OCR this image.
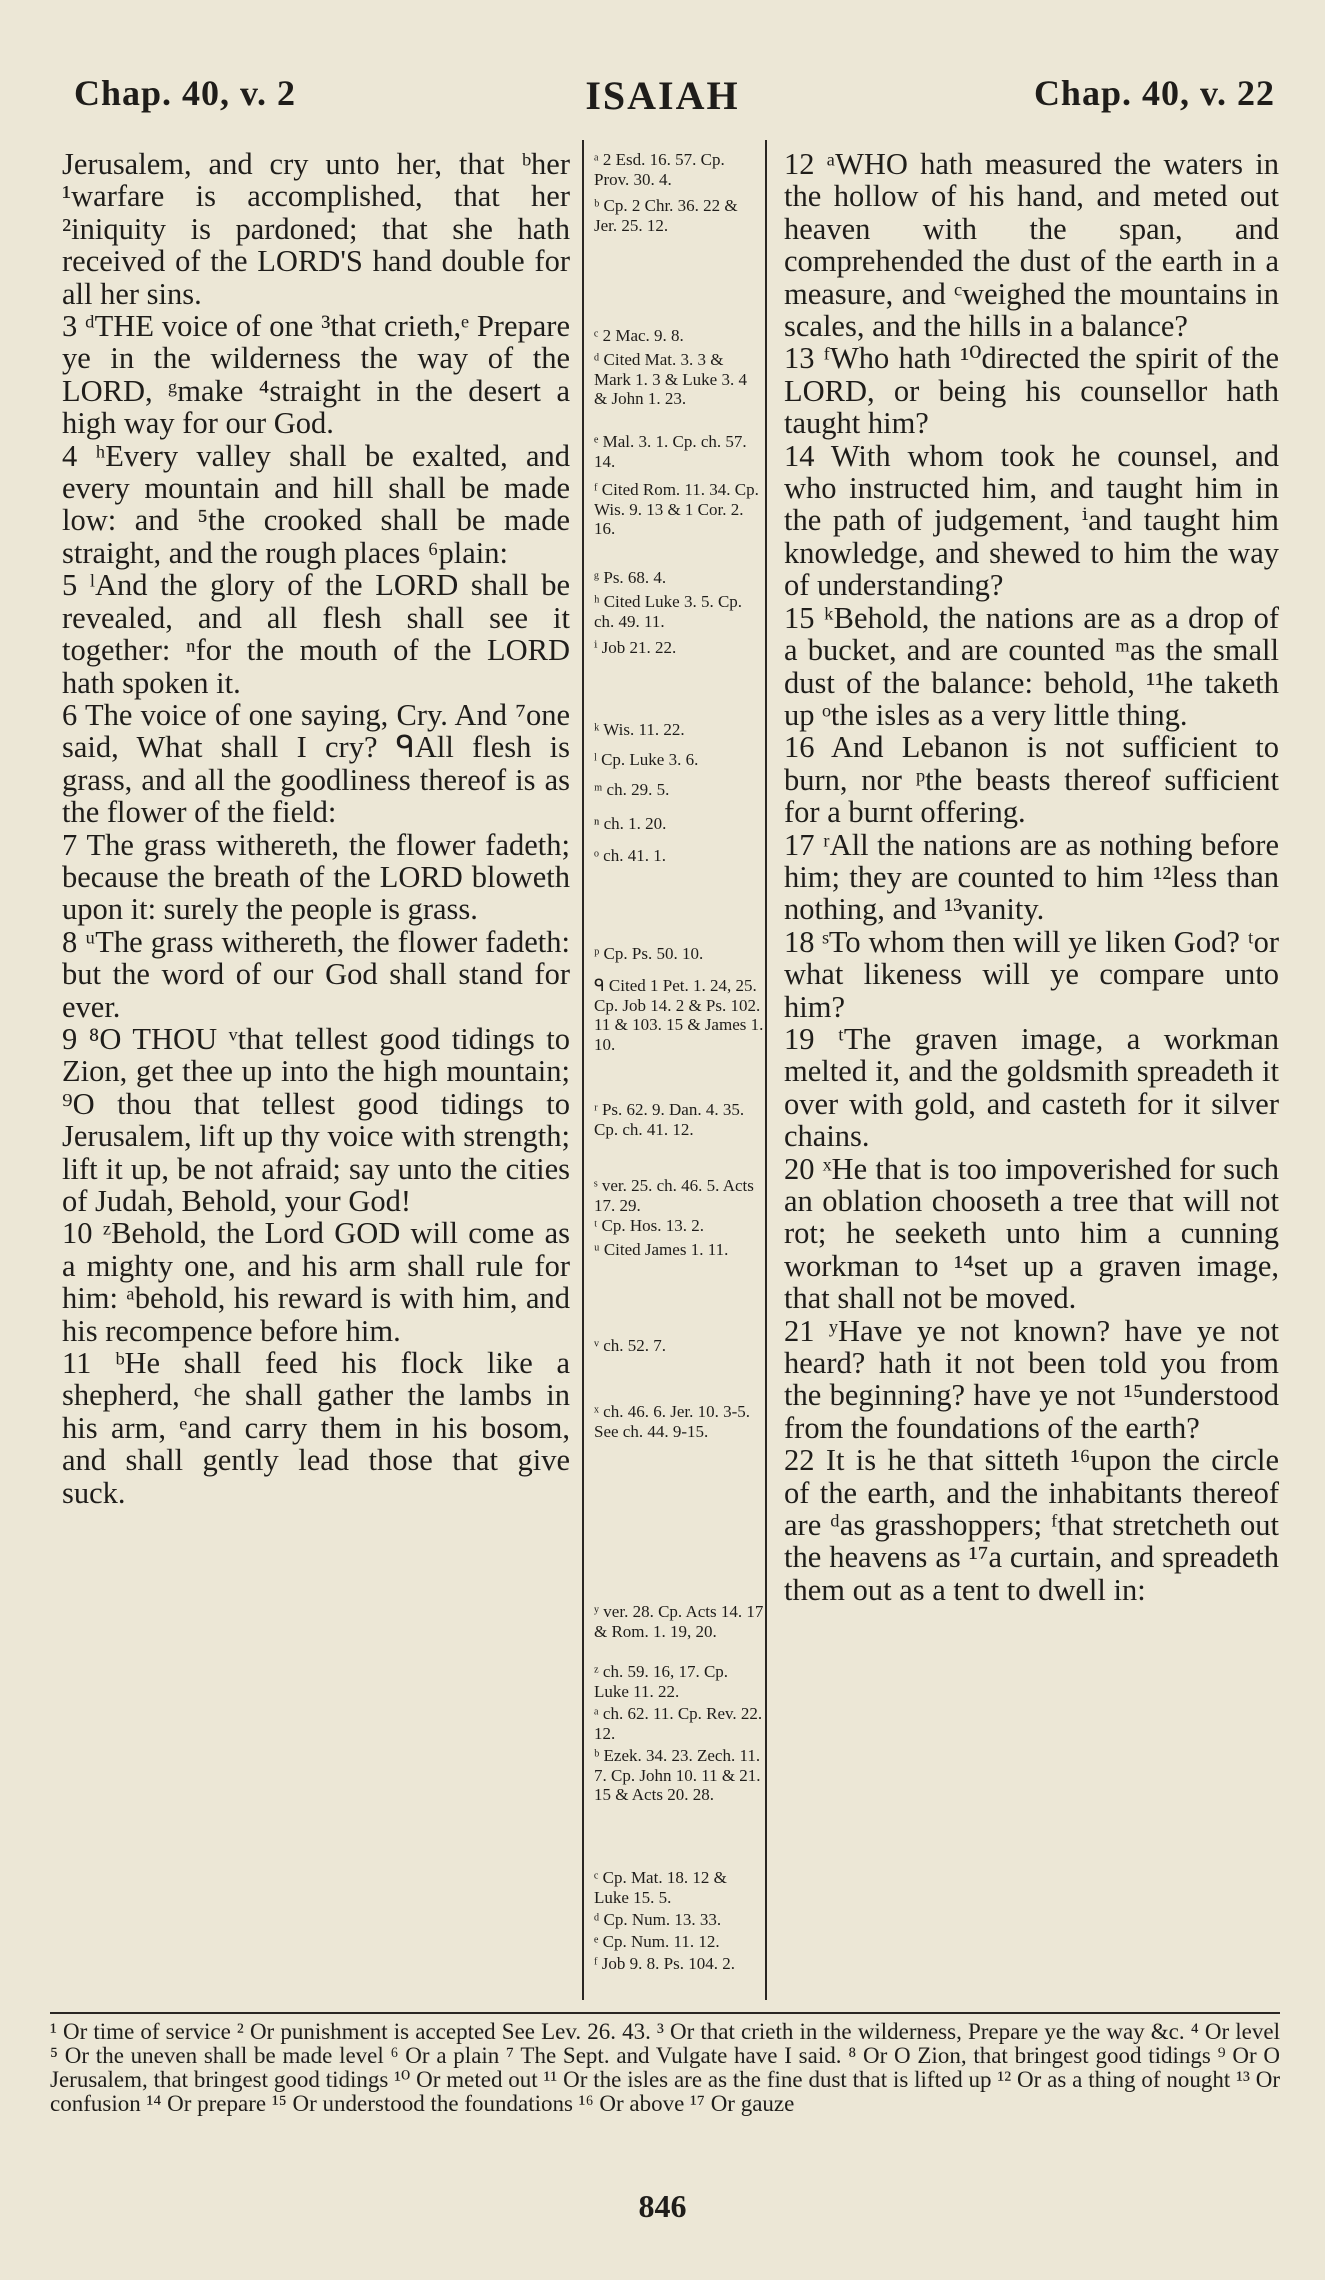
Chap. 40, v. 2	ISAIAH	Chap. 40, v. 22

Jerusalem, and cry unto her, that ᵇher ¹warfare is accomplished, that her ²iniquity is pardoned; that she hath received of the LORD'S hand double for all her sins.

3 ᵈTHE voice of one ³that crieth,ᵉ Prepare ye in the wilderness the way of the LORD, ᵍmake ⁴straight in the desert a high way for our God.

4 ʰEvery valley shall be exalted, and every mountain and hill shall be made low: and ⁵the crooked shall be made straight, and the rough places ⁶plain:

5 ˡAnd the glory of the LORD shall be revealed, and all flesh shall see it together: ⁿfor the mouth of the LORD hath spoken it.

6 The voice of one saying, Cry. And ⁷one said, What shall I cry? ᑫAll flesh is grass, and all the goodliness thereof is as the flower of the field:

7 The grass withereth, the flower fadeth; because the breath of the LORD bloweth upon it: surely the people is grass.

8 ᵘThe grass withereth, the flower fadeth: but the word of our God shall stand for ever.

9 ⁸O THOU ᵛthat tellest good tidings to Zion, get thee up into the high mountain; ⁹O thou that tellest good tidings to Jerusalem, lift up thy voice with strength; lift it up, be not afraid; say unto the cities of Judah, Behold, your God!

10 ᶻBehold, the Lord GOD will come as a mighty one, and his arm shall rule for him: ᵃbehold, his reward is with him, and his recompence before him.

11 ᵇHe shall feed his flock like a shepherd, ᶜhe shall gather the lambs in his arm, ᵉand carry them in his bosom, and shall gently lead those that give suck.

ᵃ 2 Esd. 16. 57. Cp. Prov. 30. 4.
ᵇ Cp. 2 Chr. 36. 22 & Jer. 25. 12.
ᶜ 2 Mac. 9. 8.
ᵈ Cited Mat. 3. 3 & Mark 1. 3 & Luke 3. 4 & John 1. 23.
ᵉ Mal. 3. 1. Cp. ch. 57. 14.
ᶠ Cited Rom. 11. 34. Cp. Wis. 9. 13 & 1 Cor. 2. 16.
ᵍ Ps. 68. 4.
ʰ Cited Luke 3. 5. Cp. ch. 49. 11.
ⁱ Job 21. 22.
ᵏ Wis. 11. 22.
ˡ Cp. Luke 3. 6.
ᵐ ch. 29. 5.
ⁿ ch. 1. 20.
ᵒ ch. 41. 1.
ᵖ Cp. Ps. 50. 10.
ᑫ Cited 1 Pet. 1. 24, 25. Cp. Job 14. 2 & Ps. 102. 11 & 103. 15 & James 1. 10.
ʳ Ps. 62. 9. Dan. 4. 35. Cp. ch. 41. 12.
ˢ ver. 25. ch. 46. 5. Acts 17. 29.
ᵗ Cp. Hos. 13. 2.
ᵘ Cited James 1. 11.
ᵛ ch. 52. 7.
ˣ ch. 46. 6. Jer. 10. 3-5. See ch. 44. 9-15.
ʸ ver. 28. Cp. Acts 14. 17 & Rom. 1. 19, 20.
ᶻ ch. 59. 16, 17. Cp. Luke 11. 22.
ᵃ ch. 62. 11. Cp. Rev. 22. 12.
ᵇ Ezek. 34. 23. Zech. 11. 7. Cp. John 10. 11 & 21. 15 & Acts 20. 28.
ᶜ Cp. Mat. 18. 12 & Luke 15. 5.
ᵈ Cp. Num. 13. 33.
ᵉ Cp. Num. 11. 12.
ᶠ Job 9. 8. Ps. 104. 2.

12 ᵃWHO hath measured the waters in the hollow of his hand, and meted out heaven with the span, and comprehended the dust of the earth in a measure, and ᶜweighed the mountains in scales, and the hills in a balance?

13 ᶠWho hath ¹⁰directed the spirit of the LORD, or being his counsellor hath taught him?

14 With whom took he counsel, and who instructed him, and taught him in the path of judgement, ⁱand taught him knowledge, and shewed to him the way of understanding?

15 ᵏBehold, the nations are as a drop of a bucket, and are counted ᵐas the small dust of the balance: behold, ¹¹he taketh up ᵒthe isles as a very little thing.

16 And Lebanon is not sufficient to burn, nor ᵖthe beasts thereof sufficient for a burnt offering.

17 ʳAll the nations are as nothing before him; they are counted to him ¹²less than nothing, and ¹³vanity.

18 ˢTo whom then will ye liken God? ᵗor what likeness will ye compare unto him?

19 ᵗThe graven image, a workman melted it, and the goldsmith spreadeth it over with gold, and casteth for it silver chains.

20 ˣHe that is too impoverished for such an oblation chooseth a tree that will not rot; he seeketh unto him a cunning workman to ¹⁴set up a graven image, that shall not be moved.

21 ʸHave ye not known? have ye not heard? hath it not been told you from the beginning? have ye not ¹⁵understood from the foundations of the earth?

22 It is he that sitteth ¹⁶upon the circle of the earth, and the inhabitants thereof are ᵈas grasshoppers; ᶠthat stretcheth out the heavens as ¹⁷a curtain, and spreadeth them out as a tent to dwell in:

¹ Or time of service ² Or punishment is accepted See Lev. 26. 43. ³ Or that crieth in the wilderness, Prepare ye the way &c. ⁴ Or level ⁵ Or the uneven shall be made level ⁶ Or a plain ⁷ The Sept. and Vulgate have I said. ⁸ Or O Zion, that bringest good tidings ⁹ Or O Jerusalem, that bringest good tidings ¹⁰ Or meted out ¹¹ Or the isles are as the fine dust that is lifted up ¹² Or as a thing of nought ¹³ Or confusion ¹⁴ Or prepare ¹⁵ Or understood the foundations ¹⁶ Or above ¹⁷ Or gauze
846
